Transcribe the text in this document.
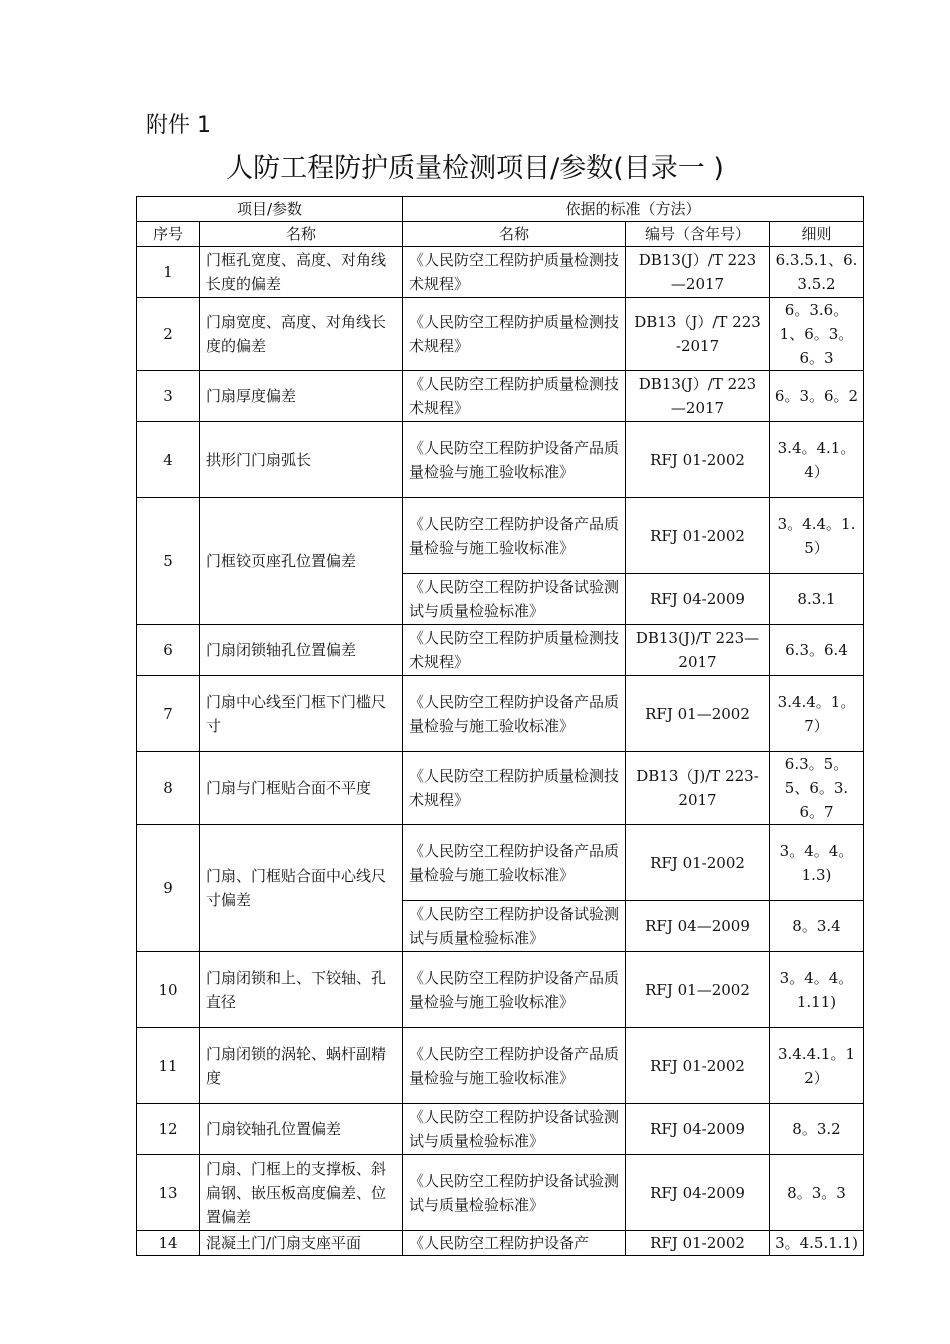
附件 1
人防工程防护质量检测项目/参数(目录一 )
项目/参数		依据的标准（方法）		
序号	名称	名称	编号（含年号）	细则
1	门框孔宽度、高度、对角线长度的偏差	《人民防空工程防护质量检测技术规程》	DB13(J）/T 223—2017	6.3.5.1、6.3.5.2
2	门扇宽度、高度、对角线长度的偏差	《人民防空工程防护质量检测技术规程》	DB13（J）/T 223-2017	6。3.6。1、6。3。6。3
3	门扇厚度偏差	《人民防空工程防护质量检测技术规程》	DB13(J）/T 223—2017	6。3。6。2
4	拱形门门扇弧长	《人民防空工程防护设备产品质量检验与施工验收标准》	RFJ 01-2002	3.4。4.1。4）
5	门框铰页座孔位置偏差	《人民防空工程防护设备产品质量检验与施工验收标准》	RFJ 01-2002	3。4.4。1.5）
		《人民防空工程防护设备试验测试与质量检验标准》	RFJ 04-2009	8.3.1
6	门扇闭锁轴孔位置偏差	《人民防空工程防护质量检测技术规程》	DB13(J)/T 223—2017	6.3。6.4
7	门扇中心线至门框下门槛尺寸	《人民防空工程防护设备产品质量检验与施工验收标准》	RFJ 01—2002	3.4.4。1。7）
8	门扇与门框贴合面不平度	《人民防空工程防护质量检测技术规程》	DB13（J)/T 223-2017	6.3。5。5、6。3.6。7
9	门扇、门框贴合面中心线尺寸偏差	《人民防空工程防护设备产品质量检验与施工验收标准》	RFJ 01-2002	3。4。4。1.3)
		《人民防空工程防护设备试验测试与质量检验标准》	RFJ 04—2009	8。3.4
10	门扇闭锁和上、下铰轴、孔直径	《人民防空工程防护设备产品质量检验与施工验收标准》	RFJ 01—2002	3。4。4。1.11)
11	门扇闭锁的涡轮、蜗杆副精度	《人民防空工程防护设备产品质量检验与施工验收标准》	RFJ 01-2002	3.4.4.1。12）
12	门扇铰轴孔位置偏差	《人民防空工程防护设备试验测试与质量检验标准》	RFJ 04-2009	8。3.2
13	门扇、门框上的支撑板、斜扁钢、嵌压板高度偏差、位置偏差	《人民防空工程防护设备试验测试与质量检验标准》	RFJ 04-2009	8。3。3
14	混凝土门/门扇支座平面	《人民防空工程防护设备产	RFJ 01-2002	3。4.5.1.1)
